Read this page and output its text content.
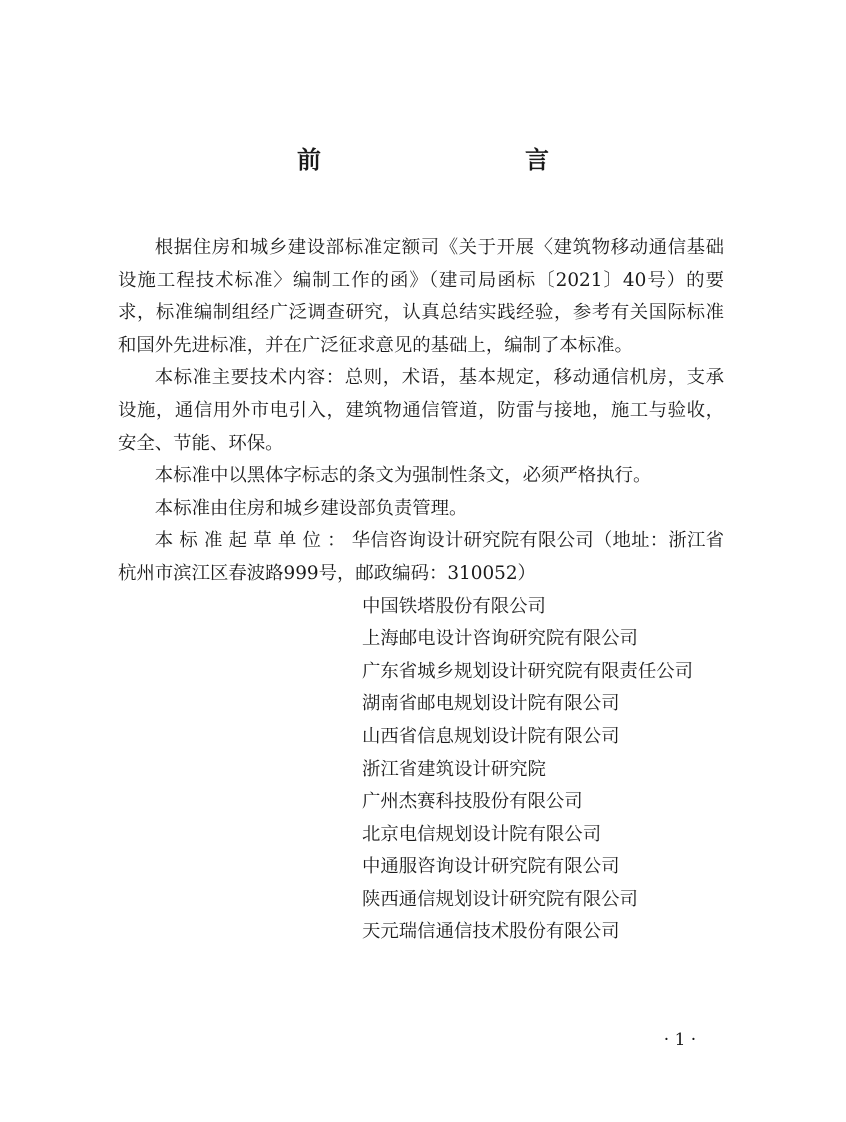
前　　言

根据住房和城乡建设部标准定额司《关于开展〈建筑物移动通信基础设施工程技术标准〉编制工作的函》（建司局函标〔2021〕40号）的要求，标准编制组经广泛调查研究，认真总结实践经验，参考有关国际标准和国外先进标准，并在广泛征求意见的基础上，编制了本标准。

本标准主要技术内容：总则，术语，基本规定，移动通信机房，支承设施，通信用外市电引入，建筑物通信管道，防雷与接地，施工与验收，安全、节能、环保。

本标准中以黑体字标志的条文为强制性条文，必须严格执行。

本标准由住房和城乡建设部负责管理。

本标准起草单位：华信咨询设计研究院有限公司（地址：浙江省杭州市滨江区春波路999号，邮政编码：310052）

中国铁塔股份有限公司
上海邮电设计咨询研究院有限公司
广东省城乡规划设计研究院有限责任公司
湖南省邮电规划设计院有限公司
山西省信息规划设计院有限公司
浙江省建筑设计研究院
广州杰赛科技股份有限公司
北京电信规划设计院有限公司
中通服咨询设计研究院有限公司
陕西通信规划设计研究院有限公司
天元瑞信通信技术股份有限公司
· 1 ·
